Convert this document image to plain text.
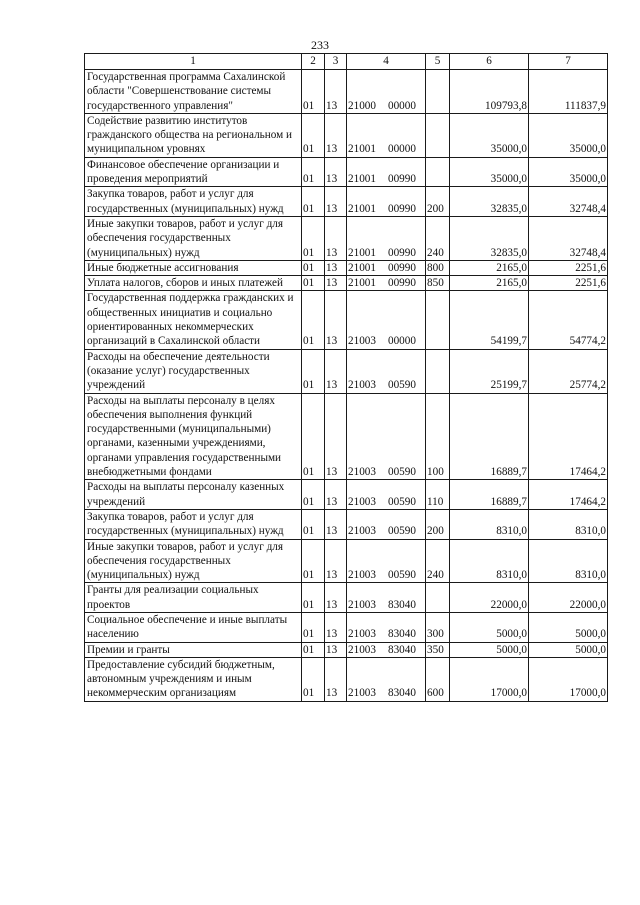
233
1	2	3	4	5	6	7
Государственная программа Сахалинской области "Совершенствование системы государственного управления"	01	13	21000 00000		109793,8	111837,9
Содействие развитию институтов гражданского общества на региональном и муниципальном уровнях	01	13	21001 00000		35000,0	35000,0
Финансовое обеспечение организации и проведения мероприятий	01	13	21001 00990		35000,0	35000,0
Закупка товаров, работ и услуг для государственных (муниципальных) нужд	01	13	21001 00990	200	32835,0	32748,4
Иные закупки товаров, работ и услуг для обеспечения государственных (муниципальных) нужд	01	13	21001 00990	240	32835,0	32748,4
Иные бюджетные ассигнования	01	13	21001 00990	800	2165,0	2251,6
Уплата налогов, сборов и иных платежей	01	13	21001 00990	850	2165,0	2251,6
Государственная поддержка гражданских и общественных инициатив и социально ориентированных некоммерческих организаций в Сахалинской области	01	13	21003 00000		54199,7	54774,2
Расходы на обеспечение деятельности (оказание услуг) государственных учреждений	01	13	21003 00590		25199,7	25774,2
Расходы на выплаты персоналу в целях обеспечения выполнения функций государственными (муниципальными) органами, казенными учреждениями, органами управления государственными внебюджетными фондами	01	13	21003 00590	100	16889,7	17464,2
Расходы на выплаты персоналу казенных учреждений	01	13	21003 00590	110	16889,7	17464,2
Закупка товаров, работ и услуг для государственных (муниципальных) нужд	01	13	21003 00590	200	8310,0	8310,0
Иные закупки товаров, работ и услуг для обеспечения государственных (муниципальных) нужд	01	13	21003 00590	240	8310,0	8310,0
Гранты для реализации социальных проектов	01	13	21003 83040		22000,0	22000,0
Социальное обеспечение и иные выплаты населению	01	13	21003 83040	300	5000,0	5000,0
Премии и гранты	01	13	21003 83040	350	5000,0	5000,0
Предоставление субсидий бюджетным, автономным учреждениям и иным некоммерческим организациям	01	13	21003 83040	600	17000,0	17000,0
